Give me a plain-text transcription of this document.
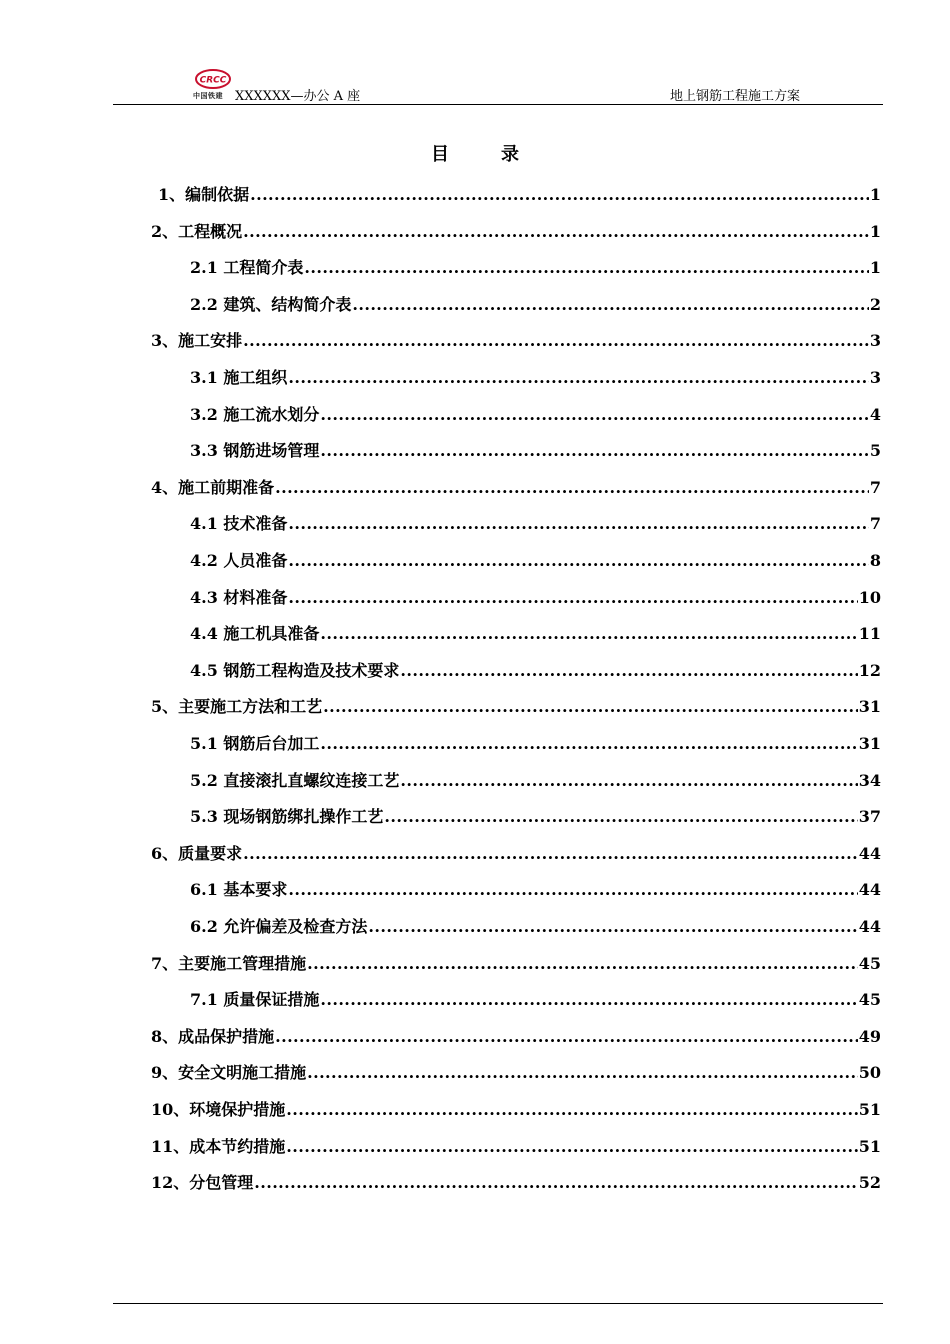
CRCC
中国铁建 XXXXXX—办公 A 座	地上钢筋工程施工方案
目录
1、编制依据 .....	1
2、工程概况 .....	1
2.1 工程简介表 .....	1
2.2 建筑、结构简介表 .....	2
3、施工安排 .....	3
3.1 施工组织 .....	3
3.2 施工流水划分 .....	4
3.3 钢筋进场管理 .....	5
4、施工前期准备 .....	7
4.1 技术准备 .....	7
4.2 人员准备 .....	8
4.3 材料准备 .....	10
4.4 施工机具准备 .....	11
4.5 钢筋工程构造及技术要求 .....	12
5、主要施工方法和工艺 .....	31
5.1 钢筋后台加工 .....	31
5.2 直接滚扎直螺纹连接工艺 .....	34
5.3 现场钢筋绑扎操作工艺 .....	37
6、质量要求 .....	44
6.1 基本要求 .....	44
6.2 允许偏差及检查方法 .....	44
7、主要施工管理措施 .....	45
7.1 质量保证措施 .....	45
8、成品保护措施 .....	49
9、安全文明施工措施 .....	50
10、环境保护措施 .....	51
11、成本节约措施 .....	51
12、分包管理 .....	52
